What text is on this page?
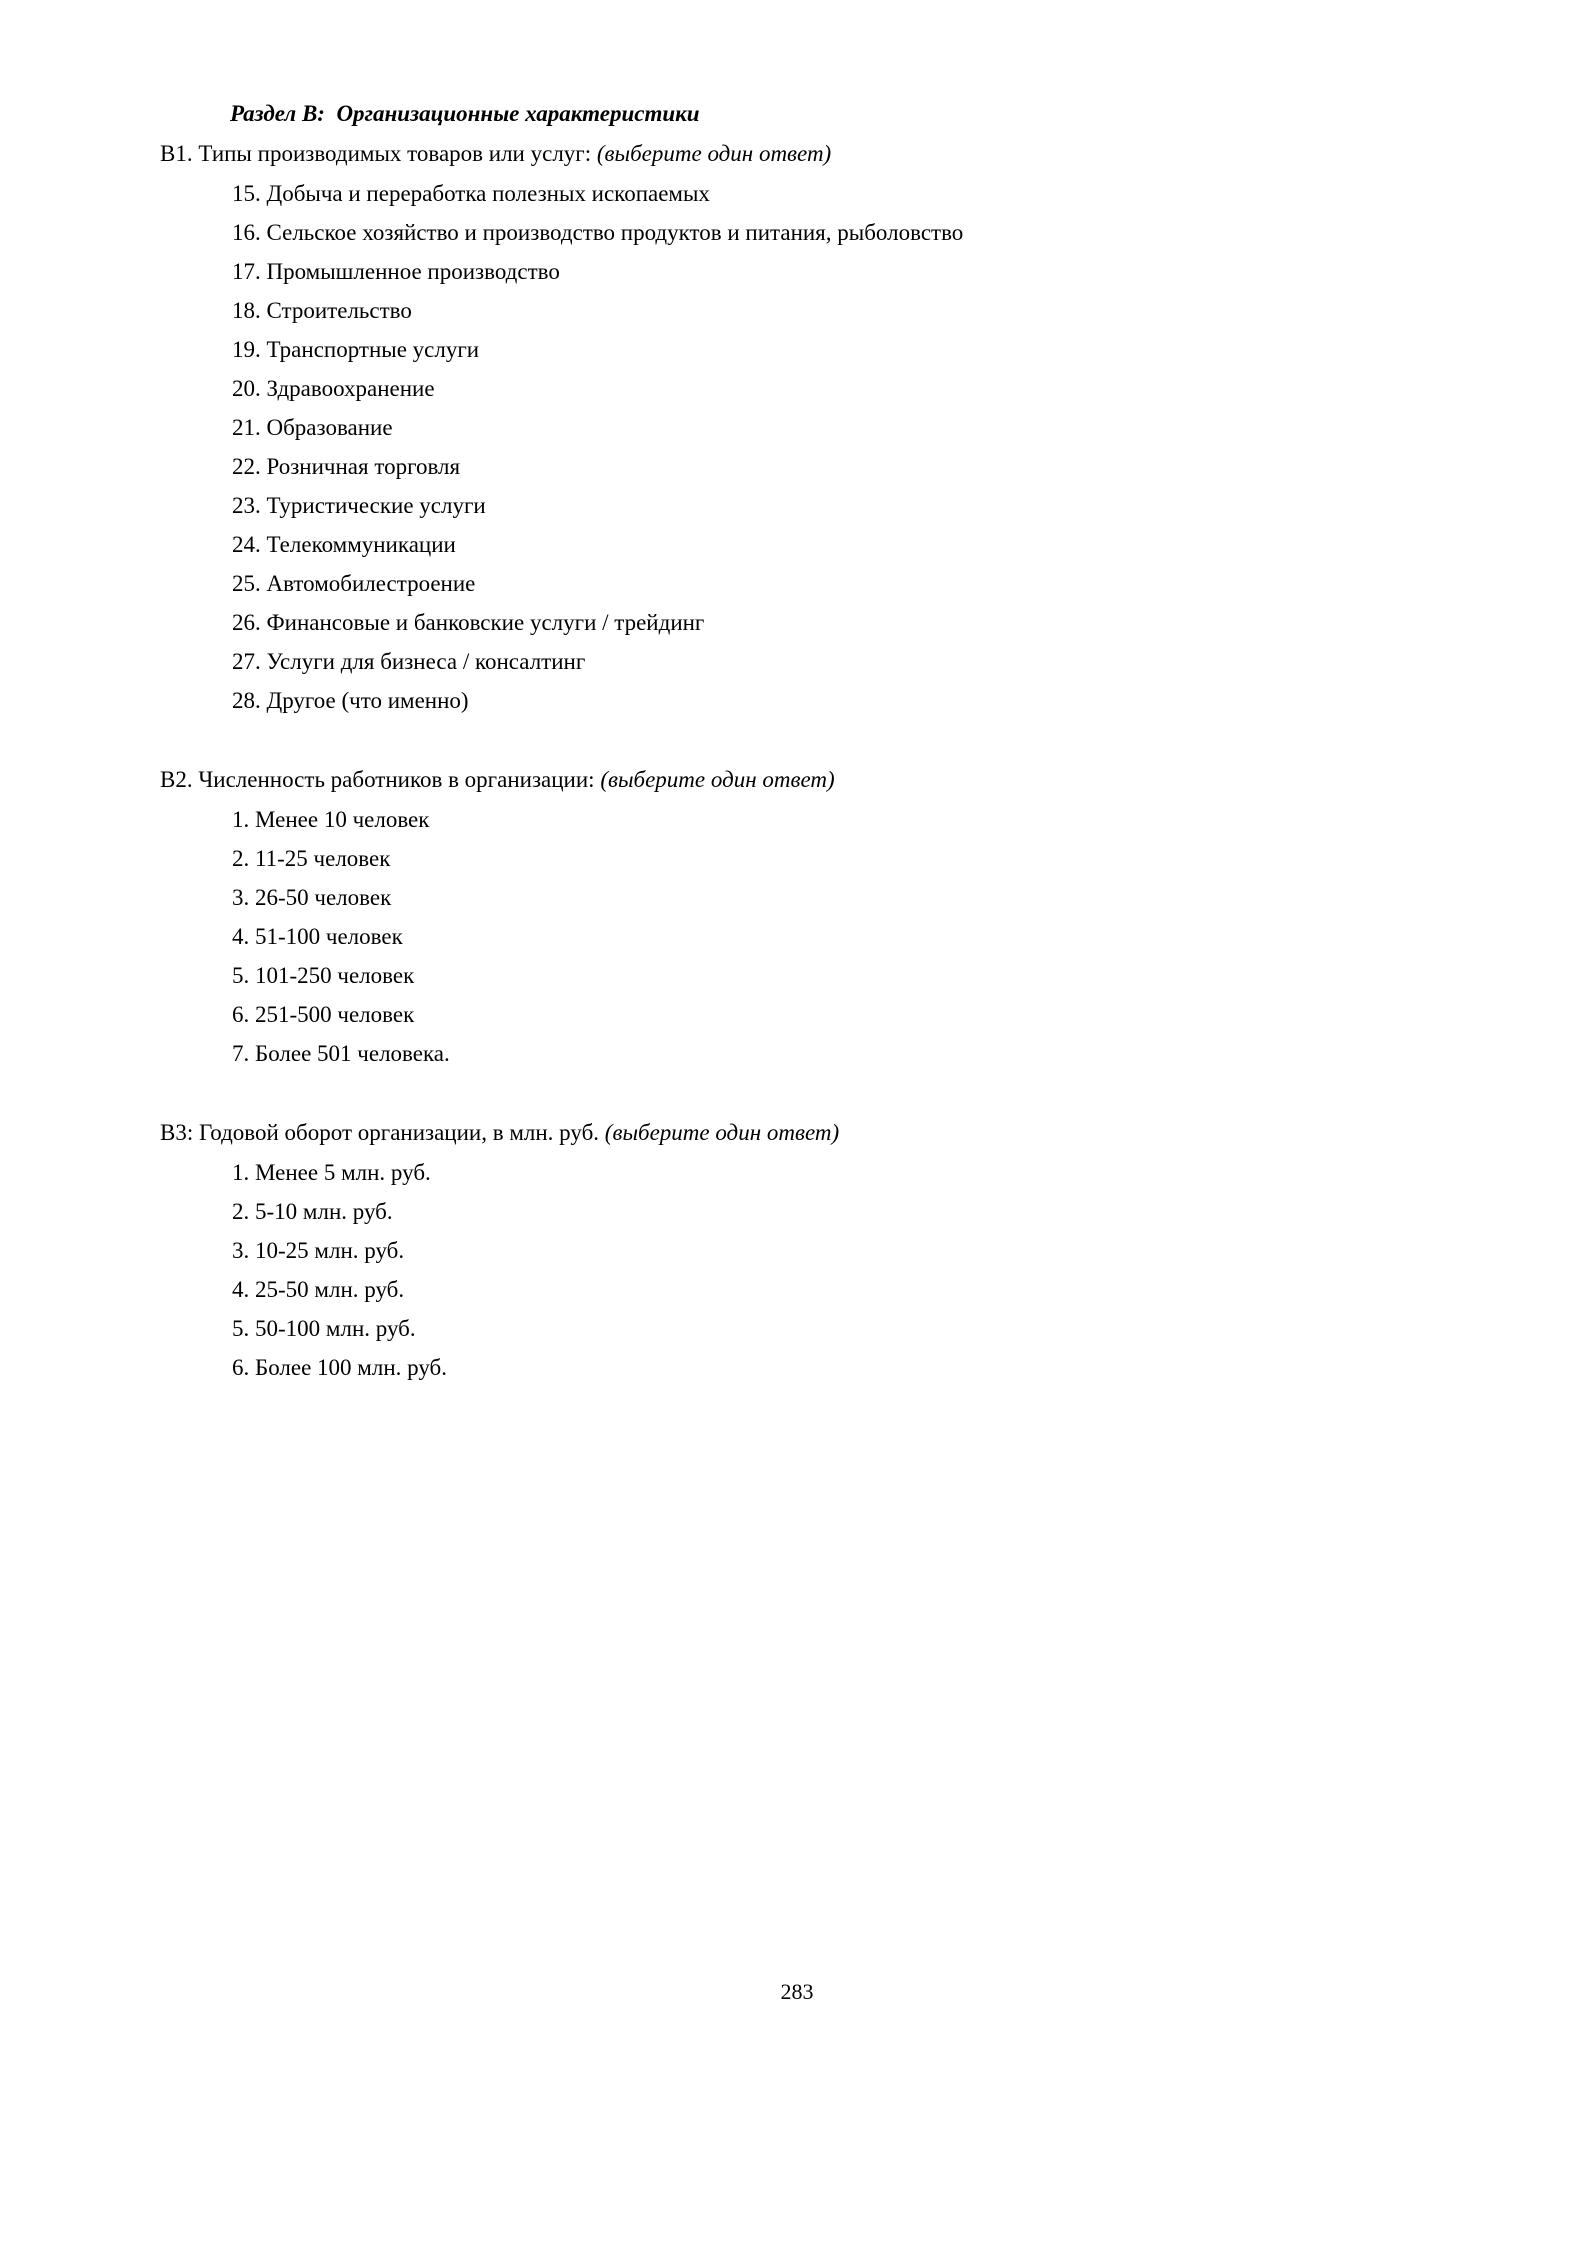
Раздел В:  Организационные характеристики

В1. Типы производимых товаров или услуг: (выберите один ответ)

15. Добыча и переработка полезных ископаемых
16. Сельское хозяйство и производство продуктов и питания, рыболовство
17. Промышленное производство
18. Строительство
19. Транспортные услуги
20. Здравоохранение
21. Образование
22. Розничная торговля
23. Туристические услуги
24. Телекоммуникации
25. Автомобилестроение
26. Финансовые и банковские услуги / трейдинг
27. Услуги для бизнеса / консалтинг
28. Другое (что именно)

В2. Численность работников в организации: (выберите один ответ)

1. Менее 10 человек
2. 11-25 человек
3. 26-50 человек
4. 51-100 человек
5. 101-250 человек
6. 251-500 человек
7. Более 501 человека.

В3: Годовой оборот организации, в млн. руб. (выберите один ответ)

1. Менее 5 млн. руб.
2. 5-10 млн. руб.
3. 10-25 млн. руб.
4. 25-50 млн. руб.
5. 50-100 млн. руб.
6. Более 100 млн. руб.
283
